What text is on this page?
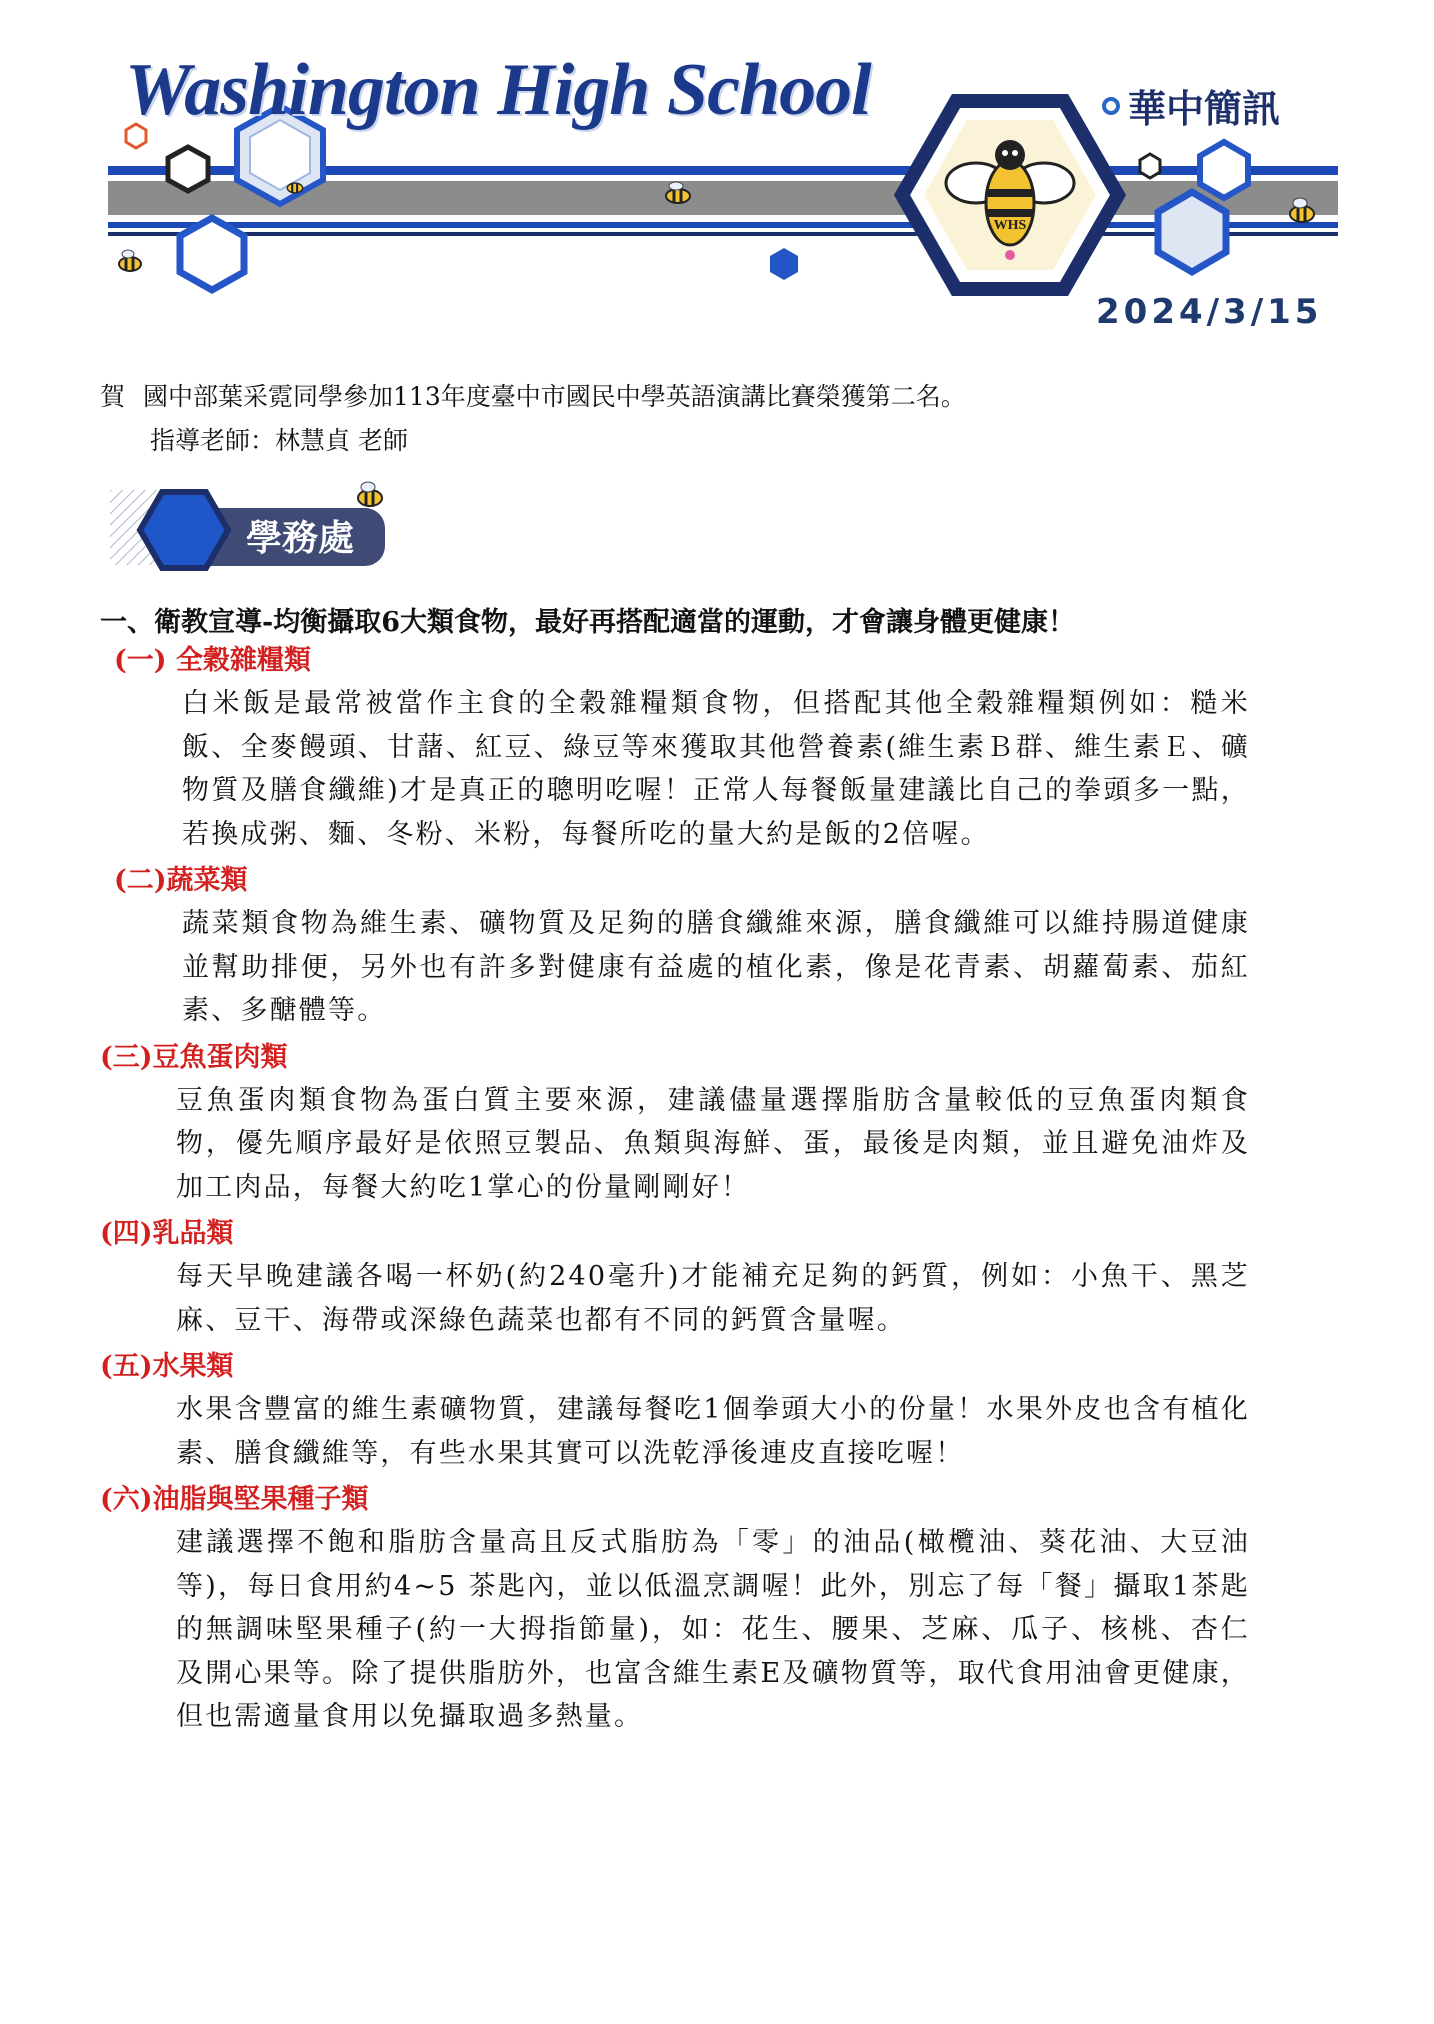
WHS
Washington High School	華中簡訊
2024/3/15
賀 國中部葉采霓同學參加113年度臺中市國民中學英語演講比賽榮獲第二名。
指導老師：林慧貞 老師
學務處
一、衛教宣導-均衡攝取6大類食物，最好再搭配適當的運動，才會讓身體更健康！

(一) 全穀雜糧類

白米飯是最常被當作主食的全穀雜糧類食物，但搭配其他全穀雜糧類例如：糙米飯、全麥饅頭、甘藷、紅豆、綠豆等來獲取其他營養素(維生素Ｂ群、維生素Ｅ、礦物質及膳食纖維)才是真正的聰明吃喔！正常人每餐飯量建議比自己的拳頭多一點，若換成粥、麵、冬粉、米粉，每餐所吃的量大約是飯的2倍喔。

(二)蔬菜類

蔬菜類食物為維生素、礦物質及足夠的膳食纖維來源，膳食纖維可以維持腸道健康並幫助排便，另外也有許多對健康有益處的植化素，像是花青素、胡蘿蔔素、茄紅素、多醣體等。

(三)豆魚蛋肉類

豆魚蛋肉類食物為蛋白質主要來源，建議儘量選擇脂肪含量較低的豆魚蛋肉類食物，優先順序最好是依照豆製品、魚類與海鮮、蛋，最後是肉類，並且避免油炸及加工肉品，每餐大約吃1掌心的份量剛剛好！

(四)乳品類

每天早晚建議各喝一杯奶(約240毫升)才能補充足夠的鈣質，例如：小魚干、黑芝麻、豆干、海帶或深綠色蔬菜也都有不同的鈣質含量喔。

(五)水果類

水果含豐富的維生素礦物質，建議每餐吃1個拳頭大小的份量！水果外皮也含有植化素、膳食纖維等，有些水果其實可以洗乾淨後連皮直接吃喔！

(六)油脂與堅果種子類

建議選擇不飽和脂肪含量高且反式脂肪為「零」的油品(橄欖油、葵花油、大豆油等)，每日食用約4~5 茶匙內，並以低溫烹調喔！此外，別忘了每「餐」攝取1茶匙的無調味堅果種子(約一大拇指節量)，如：花生、腰果、芝麻、瓜子、核桃、杏仁及開心果等。除了提供脂肪外，也富含維生素E及礦物質等，取代食用油會更健康，但也需適量食用以免攝取過多熱量。
